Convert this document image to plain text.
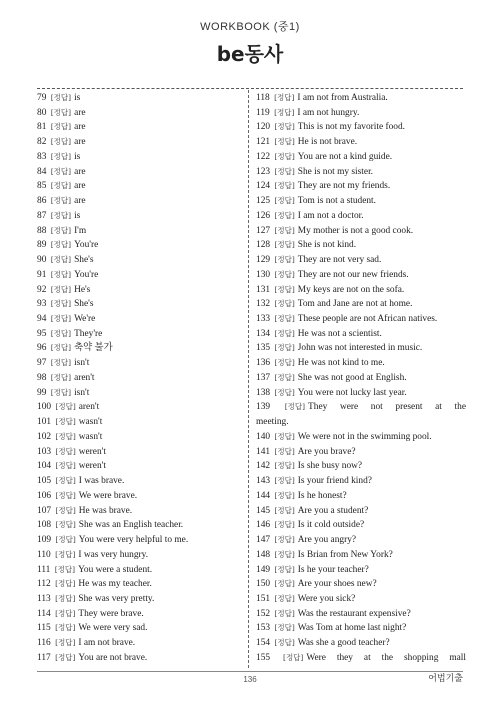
WORKBOOK (중1)
be동사
79 [정답] is
80 [정답] are
81 [정답] are
82 [정답] are
83 [정답] is
84 [정답] are
85 [정답] are
86 [정답] are
87 [정답] is
88 [정답] I'm
89 [정답] You're
90 [정답] She's
91 [정답] You're
92 [정답] He's
93 [정답] She's
94 [정답] We're
95 [정답] They're
96 [정답] 축약 불가
97 [정답] isn't
98 [정답] aren't
99 [정답] isn't
100 [정답] aren't
101 [정답] wasn't
102 [정답] wasn't
103 [정답] weren't
104 [정답] weren't
105 [정답] I was brave.
106 [정답] We were brave.
107 [정답] He was brave.
108 [정답] She was an English teacher.
109 [정답] You were very helpful to me.
110 [정답] I was very hungry.
111 [정답] You were a student.
112 [정답] He was my teacher.
113 [정답] She was very pretty.
114 [정답] They were brave.
115 [정답] We were very sad.
116 [정답] I am not brave.
117 [정답] You are not brave.
118 [정답] I am not from Australia.
119 [정답] I am not hungry.
120 [정답] This is not my favorite food.
121 [정답] He is not brave.
122 [정답] You are not a kind guide.
123 [정답] She is not my sister.
124 [정답] They are not my friends.
125 [정답] Tom is not a student.
126 [정답] I am not a doctor.
127 [정답] My mother is not a good cook.
128 [정답] She is not kind.
129 [정답] They are not very sad.
130 [정답] They are not our new friends.
131 [정답] My keys are not on the sofa.
132 [정답] Tom and Jane are not at home.
133 [정답] These people are not African natives.
134 [정답] He was not a scientist.
135 [정답] John was not interested in music.
136 [정답] He was not kind to me.
137 [정답] She was not good at English.
138 [정답] You were not lucky last year.
139 [정답] They were not present at the
meeting.
140 [정답] We were not in the swimming pool.
141 [정답] Are you brave?
142 [정답] Is she busy now?
143 [정답] Is your friend kind?
144 [정답] Is he honest?
145 [정답] Are you a student?
146 [정답] Is it cold outside?
147 [정답] Are you angry?
148 [정답] Is Brian from New York?
149 [정답] Is he your teacher?
150 [정답] Are your shoes new?
151 [정답] Were you sick?
152 [정답] Was the restaurant expensive?
153 [정답] Was Tom at home last night?
154 [정답] Was she a good teacher?
155 [정답] Were they at the shopping mall
136	어법기출
